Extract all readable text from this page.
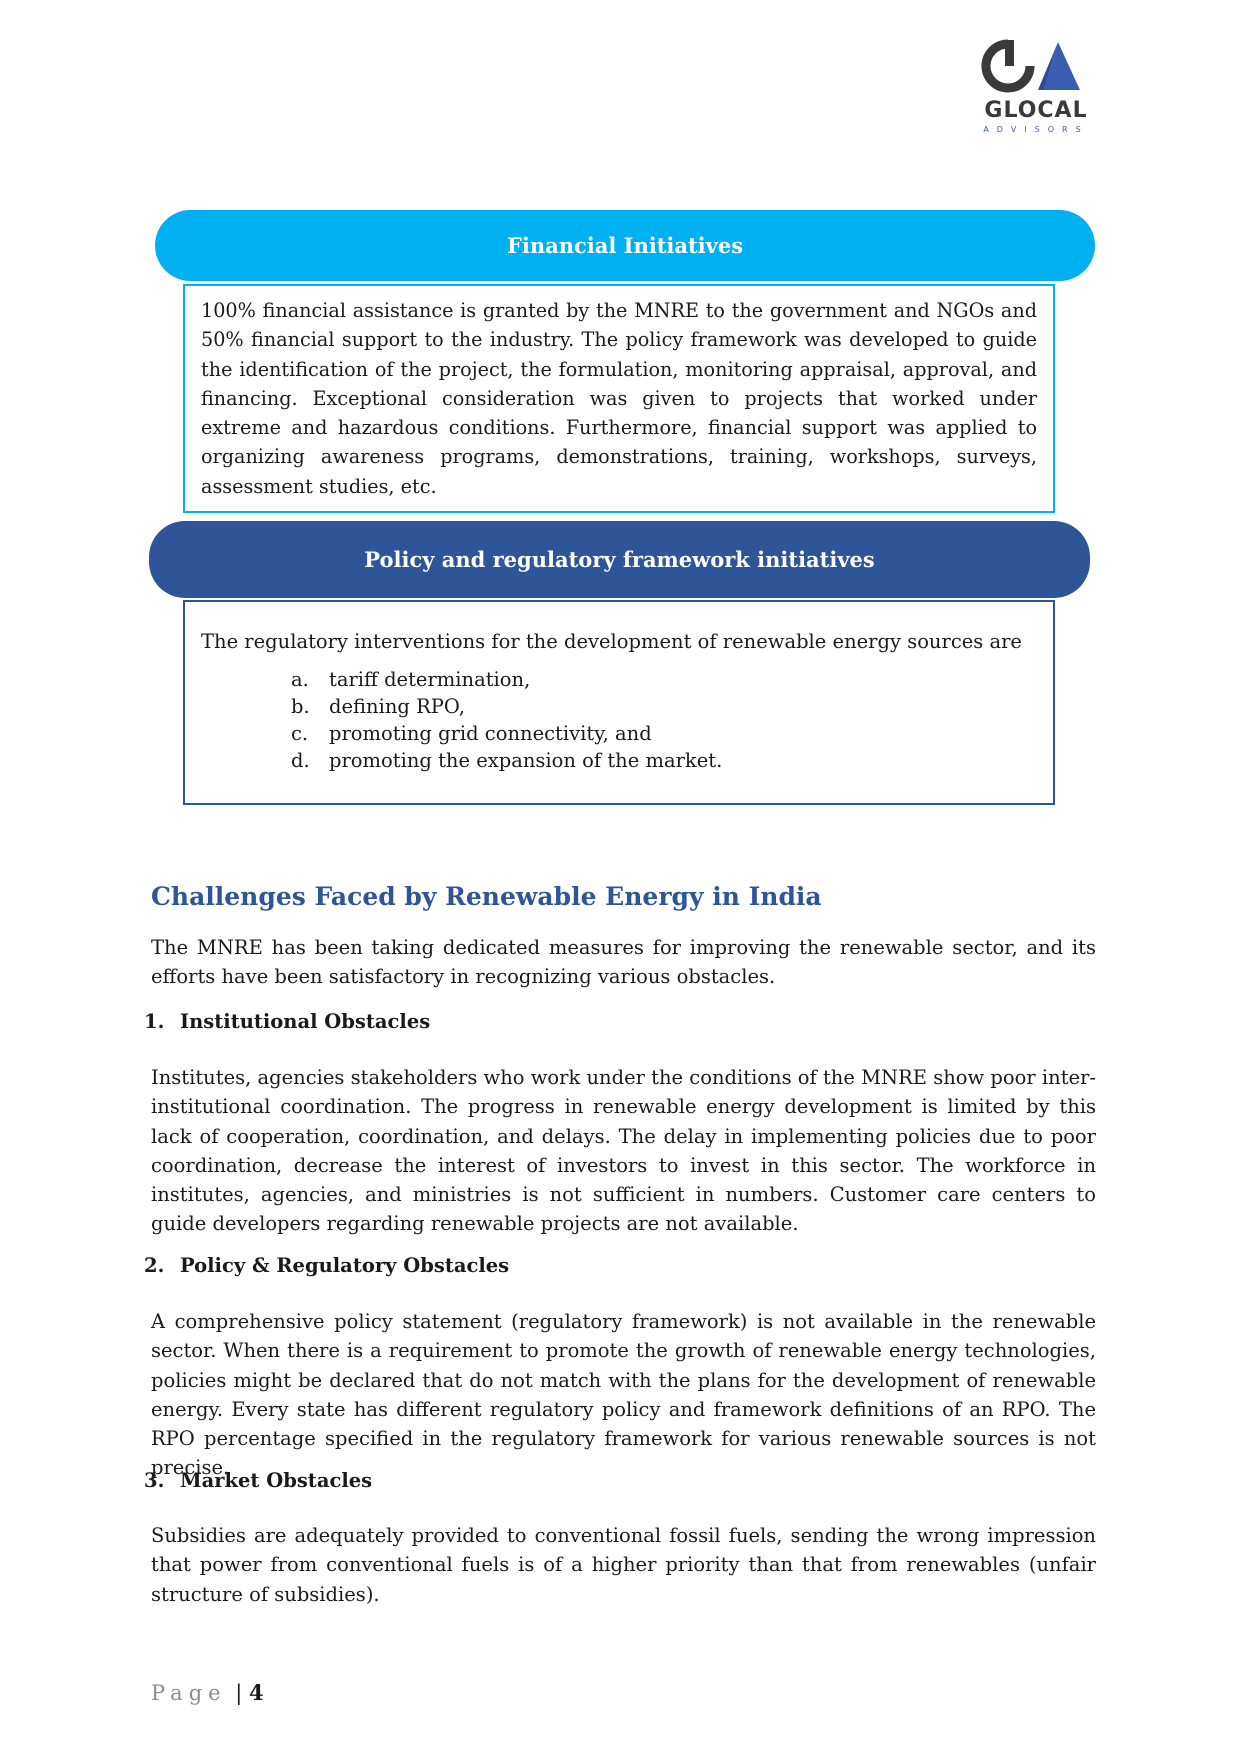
GLOCAL
ADVISORS
Financial Initiatives

100% financial assistance is granted by the MNRE to the government and NGOs and 50% financial support to the industry. The policy framework was developed to guide the identification of the project, the formulation, monitoring appraisal, approval, and financing. Exceptional consideration was given to projects that worked under extreme and hazardous conditions. Furthermore, financial support was applied to organizing awareness programs, demonstrations, training, workshops, surveys, assessment studies, etc.

Policy and regulatory framework initiatives

The regulatory interventions for the development of renewable energy sources are

a.	tariff determination,
b. defining RPO,
c.	promoting grid connectivity, and
d. promoting the expansion of the market.
Challenges Faced by Renewable Energy in India

The MNRE has been taking dedicated measures for improving the renewable sector, and its efforts have been satisfactory in recognizing various obstacles.

1. Institutional Obstacles

Institutes, agencies stakeholders who work under the conditions of the MNRE show poor inter-institutional coordination. The progress in renewable energy development is limited by this lack of cooperation, coordination, and delays. The delay in implementing policies due to poor coordination, decrease the interest of investors to invest in this sector. The workforce in institutes, agencies, and ministries is not sufficient in numbers. Customer care centers to guide developers regarding renewable projects are not available.

2. Policy & Regulatory Obstacles

A comprehensive policy statement (regulatory framework) is not available in the renewable sector. When there is a requirement to promote the growth of renewable energy technologies, policies might be declared that do not match with the plans for the development of renewable energy. Every state has different regulatory policy and framework definitions of an RPO. The RPO percentage specified in the regulatory framework for various renewable sources is not precise.

3. Market Obstacles

Subsidies are adequately provided to conventional fossil fuels, sending the wrong impression that power from conventional fuels is of a higher priority than that from renewables (unfair structure of subsidies).

Page | 4
